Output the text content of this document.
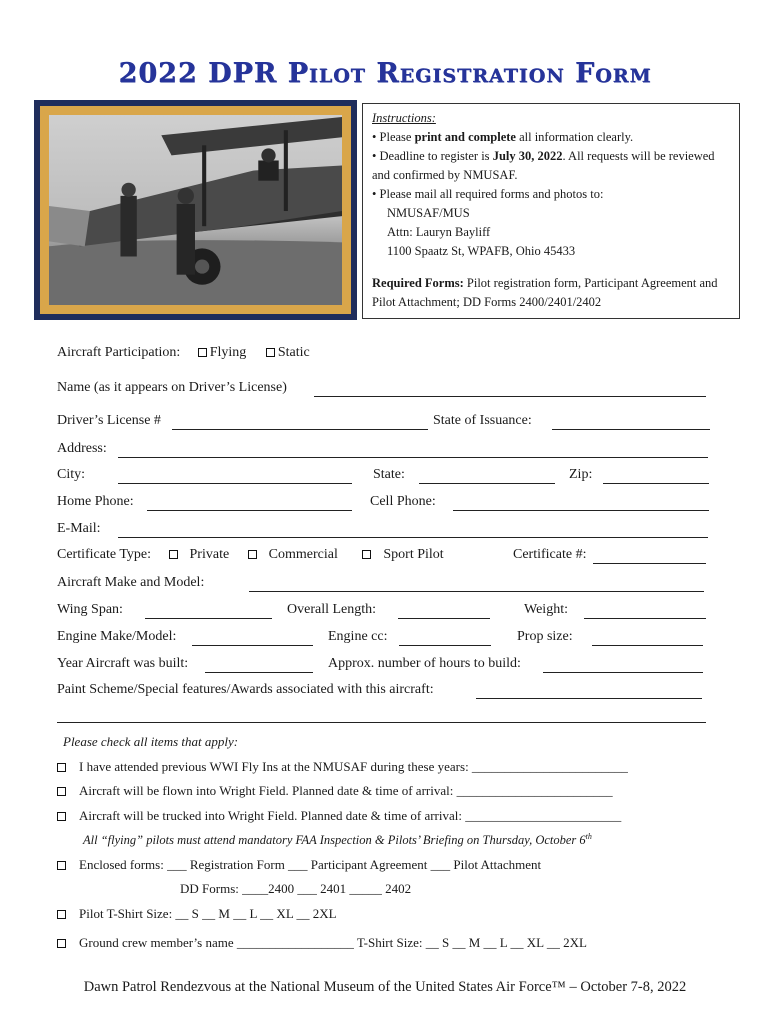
2022 DPR Pilot Registration Form
Instructions:
• Please print and complete all information clearly.
• Deadline to register is July 30, 2022. All requests will be reviewed and confirmed by NMUSAF.
• Please mail all required forms and photos to:
NMUSAF/MUS
Attn: Lauryn Bayliff
1100 Spaatz St, WPAFB, Ohio 45433
Required Forms: Pilot registration form, Participant Agreement and Pilot Attachment; DD Forms 2400/2401/2402
Aircraft Participation: Flying Static
Name (as it appears on Driver’s License)
Driver’s License #	State of Issuance:
Address:
City:	State:	Zip:
Home Phone:	Cell Phone:
E-Mail:
Certificate Type:	Private	Commercial	Sport Pilot	Certificate #:
Aircraft Make and Model:
Wing Span:	Overall Length:	Weight:
Engine Make/Model:	Engine cc:	Prop size:
Year Aircraft was built:	Approx. number of hours to build:
Paint Scheme/Special features/Awards associated with this aircraft:
Please check all items that apply:
I have attended previous WWI Fly Ins at the NMUSAF during these years: ________________________
Aircraft will be flown into Wright Field. Planned date & time of arrival: ________________________
Aircraft will be trucked into Wright Field. Planned date & time of arrival: ________________________
All “flying” pilots must attend mandatory FAA Inspection & Pilots’ Briefing on Thursday, October 6th
Enclosed forms: ___ Registration Form ___ Participant Agreement ___ Pilot Attachment
DD Forms: ____2400 ___ 2401 _____ 2402
Pilot T-Shirt Size: __ S __ M __ L __ XL __ 2XL
Ground crew member’s name __________________ T-Shirt Size: __ S __ M __ L __ XL __ 2XL
Dawn Patrol Rendezvous at the National Museum of the United States Air Force™ – October 7-8, 2022
